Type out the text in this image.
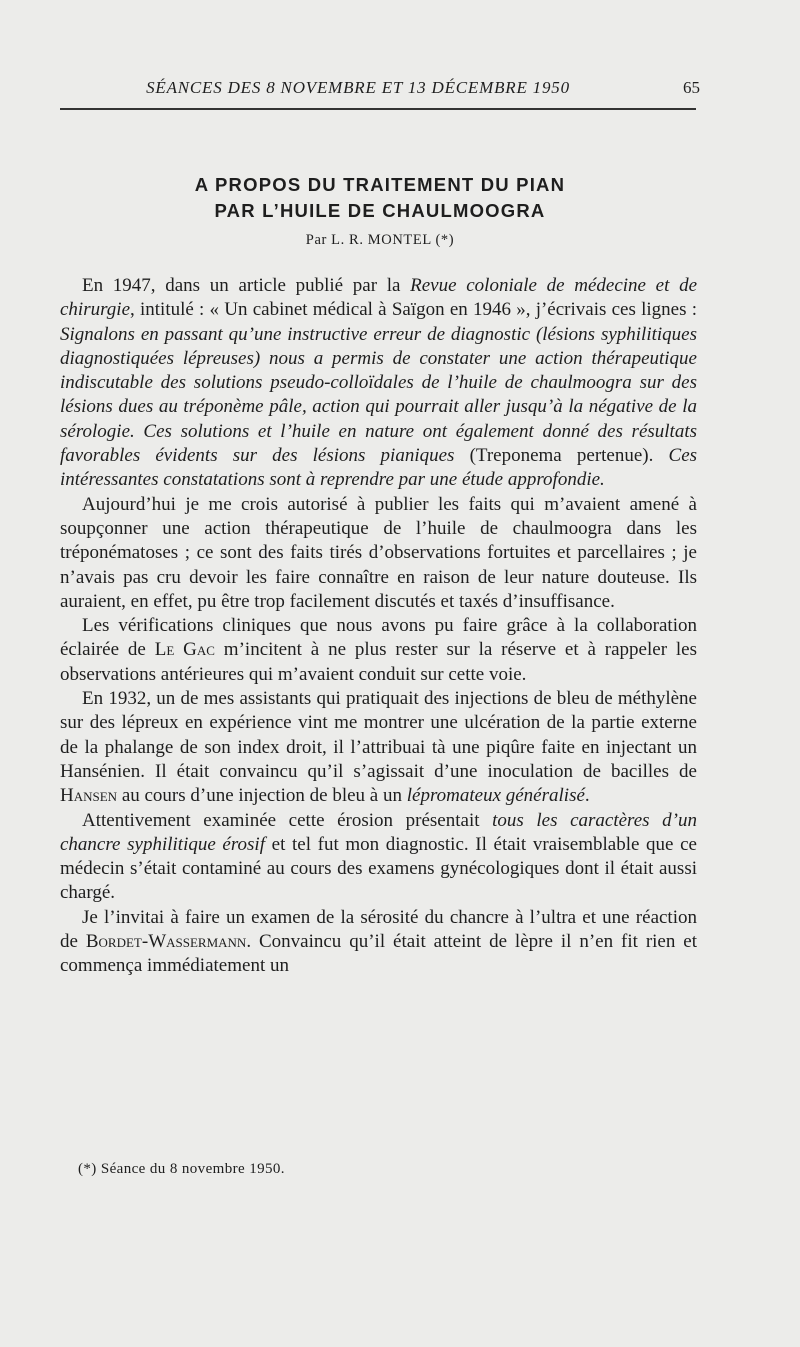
SÉANCES DES 8 NOVEMBRE ET 13 DÉCEMBRE 1950	65
A PROPOS DU TRAITEMENT DU PIAN
PAR L’HUILE DE CHAULMOOGRA
Par L. R. MONTEL (*)

En 1947, dans un article publié par la Revue coloniale de médecine et de chirurgie, intitulé : « Un cabinet médical à Saïgon en 1946 », j’écrivais ces lignes : Signalons en passant qu’une instructive erreur de diagnostic (lésions syphilitiques diagnostiquées lépreuses) nous a permis de constater une action thérapeutique indiscutable des solutions pseudo-colloïdales de l’huile de chaulmoogra sur des lésions dues au tréponème pâle, action qui pourrait aller jusqu’à la négative de la sérologie. Ces solutions et l’huile en nature ont également donné des résultats favorables évidents sur des lésions pianiques (Treponema pertenue). Ces intéressantes constatations sont à reprendre par une étude approfondie.

Aujourd’hui je me crois autorisé à publier les faits qui m’avaient amené à soupçonner une action thérapeutique de l’huile de chaulmoogra dans les tréponématoses ; ce sont des faits tirés d’observations fortuites et parcellaires ; je n’avais pas cru devoir les faire connaître en raison de leur nature douteuse. Ils auraient, en effet, pu être trop facilement discutés et taxés d’insuffisance.

Les vérifications cliniques que nous avons pu faire grâce à la collaboration éclairée de Le Gac m’incitent à ne plus rester sur la réserve et à rappeler les observations antérieures qui m’avaient conduit sur cette voie.

En 1932, un de mes assistants qui pratiquait des injections de bleu de méthylène sur des lépreux en expérience vint me montrer une ulcération de la partie externe de la phalange de son index droit, il l’attribuai tà une piqûre faite en injectant un Hansénien. Il était convaincu qu’il s’agissait d’une inoculation de bacilles de Hansen au cours d’une injection de bleu à un lépromateux généralisé.

Attentivement examinée cette érosion présentait tous les caractères d’un chancre syphilitique érosif et tel fut mon diagnostic. Il était vraisemblable que ce médecin s’était contaminé au cours des examens gynécologiques dont il était aussi chargé.

Je l’invitai à faire un examen de la sérosité du chancre à l’ultra et une réaction de Bordet-Wassermann. Convaincu qu’il était atteint de lèpre il n’en fit rien et commença immédiatement un

(*) Séance du 8 novembre 1950.
